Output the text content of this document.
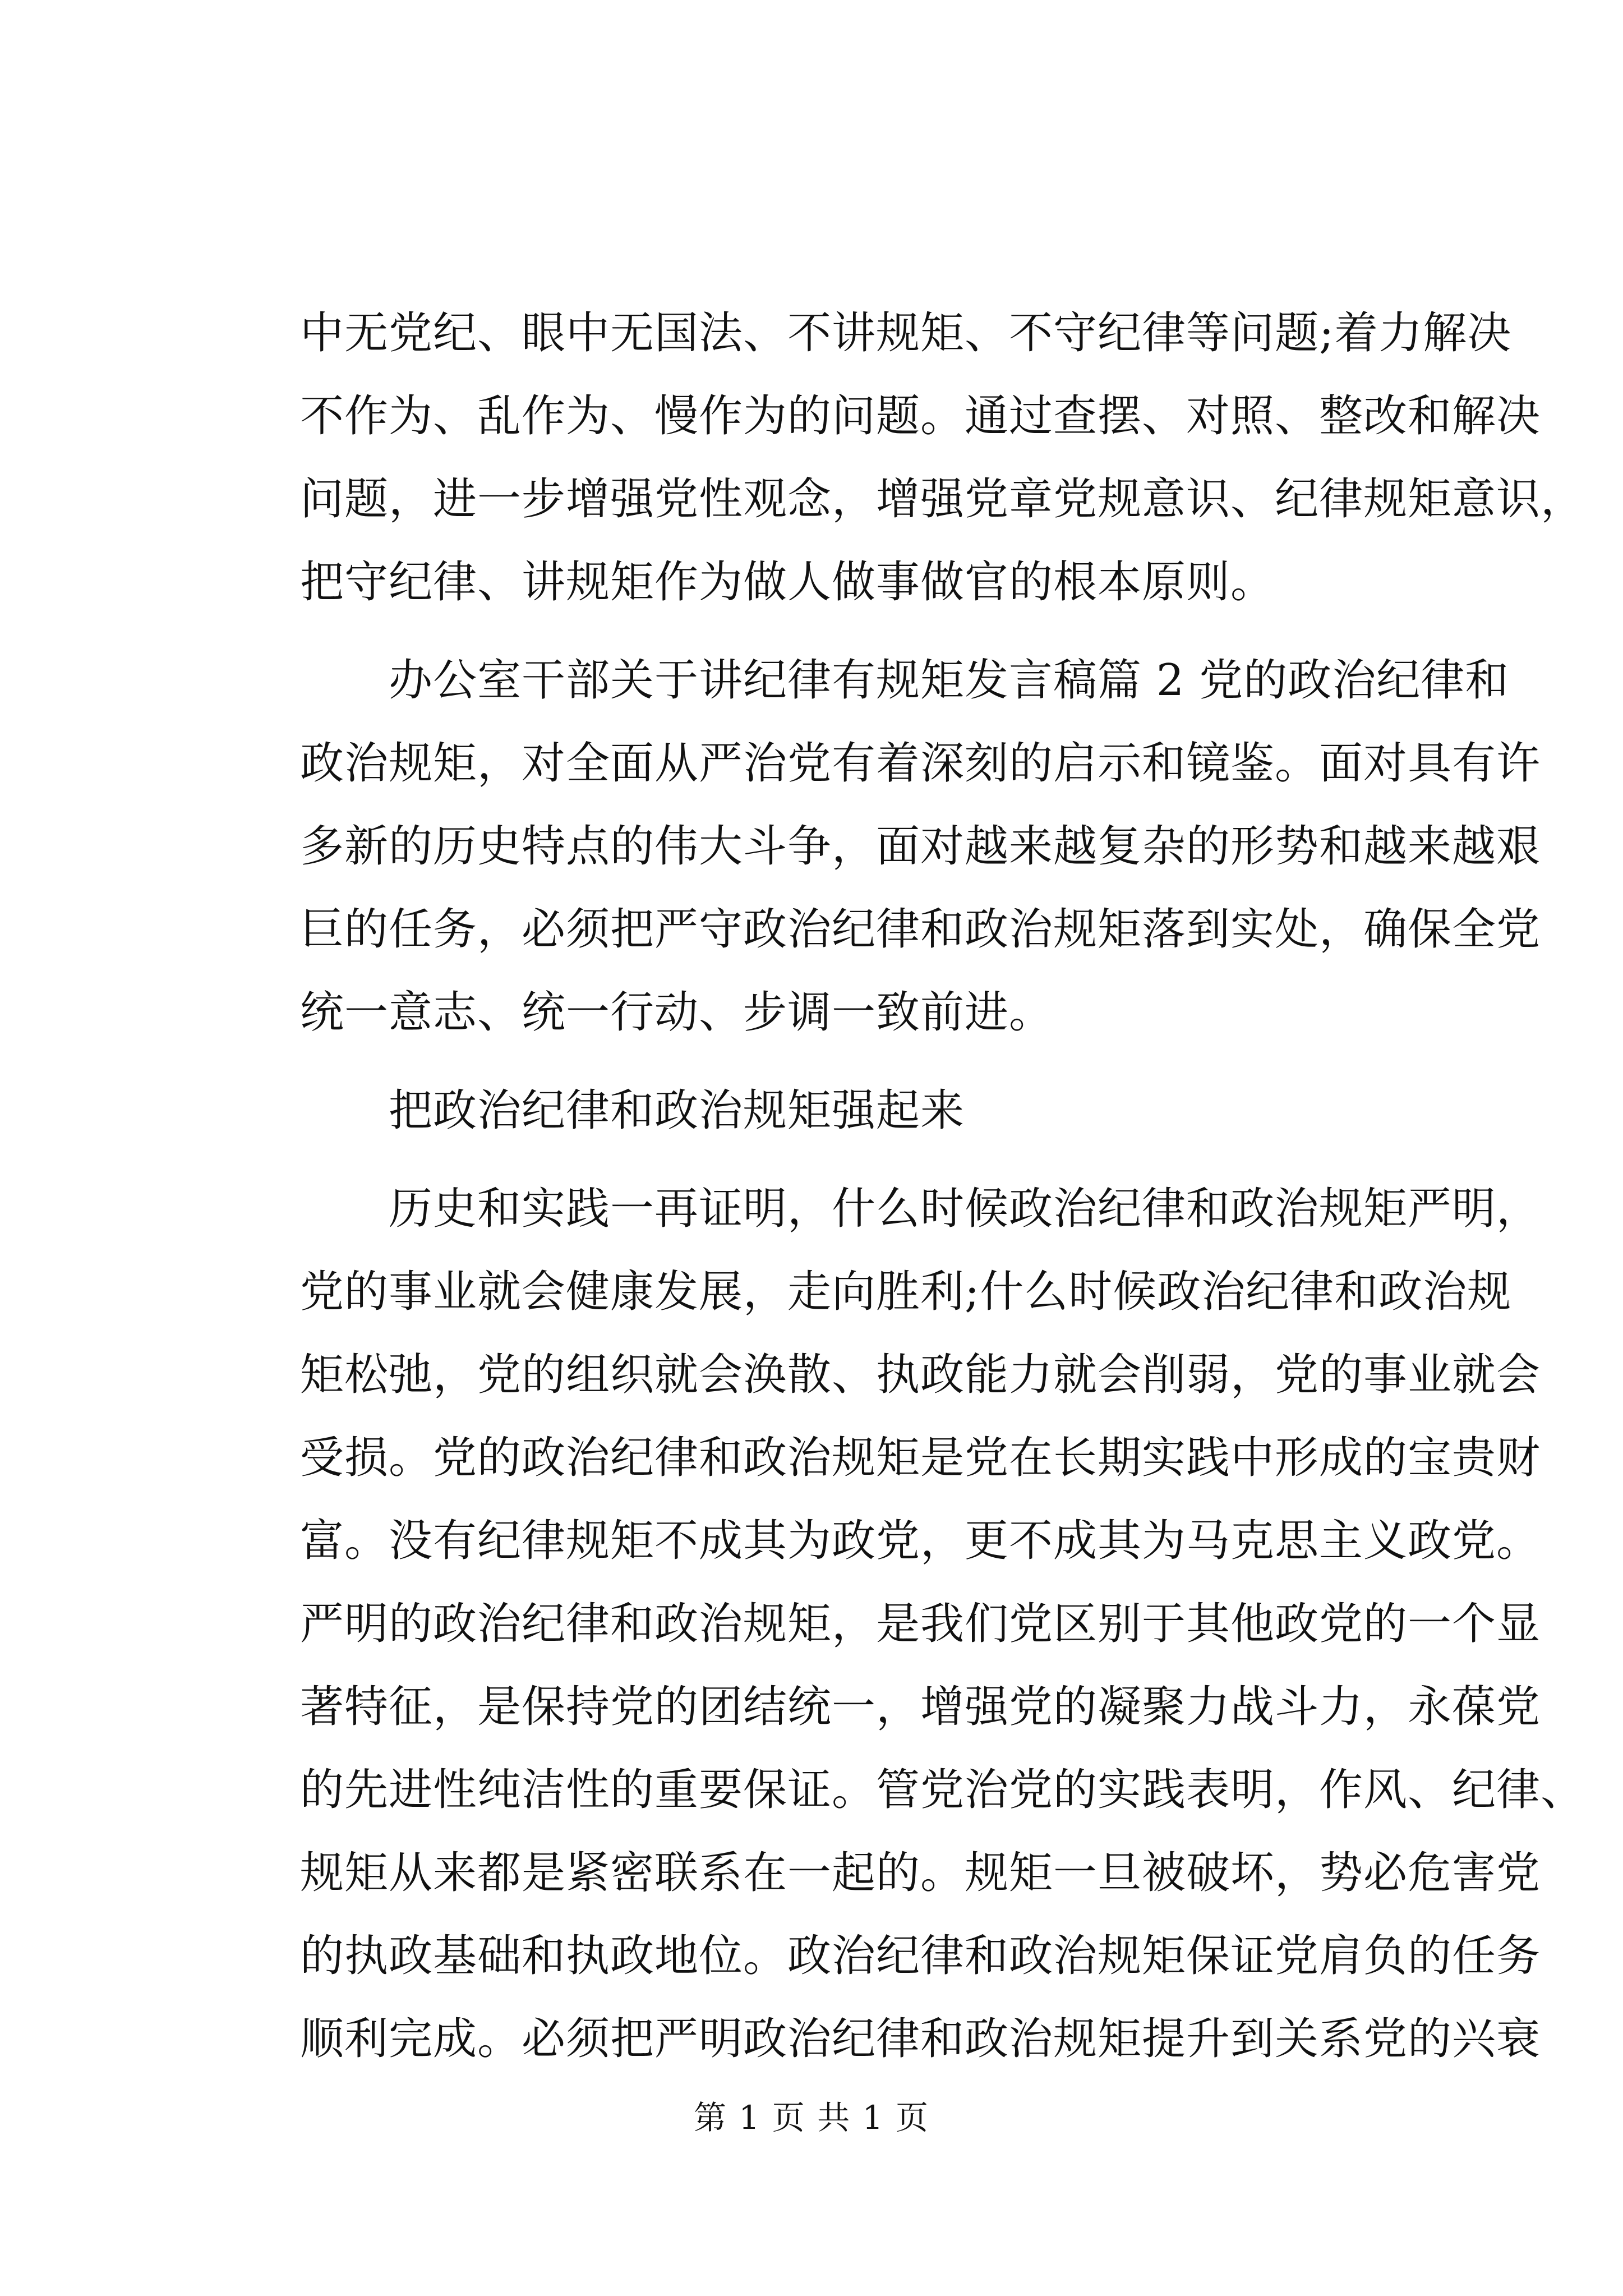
中无党纪、眼中无国法、不讲规矩、不守纪律等问题;着力解决
不作为、乱作为、慢作为的问题。通过查摆、对照、整改和解决
问题，进一步增强党性观念，增强党章党规意识、纪律规矩意识，
把守纪律、讲规矩作为做人做事做官的根本原则。
办公室干部关于讲纪律有规矩发言稿篇 2 党的政治纪律和
政治规矩，对全面从严治党有着深刻的启示和镜鉴。面对具有许
多新的历史特点的伟大斗争，面对越来越复杂的形势和越来越艰
巨的任务，必须把严守政治纪律和政治规矩落到实处，确保全党
统一意志、统一行动、步调一致前进。
把政治纪律和政治规矩强起来
历史和实践一再证明，什么时候政治纪律和政治规矩严明，
党的事业就会健康发展，走向胜利;什么时候政治纪律和政治规
矩松弛，党的组织就会涣散、执政能力就会削弱，党的事业就会
受损。党的政治纪律和政治规矩是党在长期实践中形成的宝贵财
富。没有纪律规矩不成其为政党，更不成其为马克思主义政党。
严明的政治纪律和政治规矩，是我们党区别于其他政党的一个显
著特征，是保持党的团结统一，增强党的凝聚力战斗力，永葆党
的先进性纯洁性的重要保证。管党治党的实践表明，作风、纪律、
规矩从来都是紧密联系在一起的。规矩一旦被破坏，势必危害党
的执政基础和执政地位。政治纪律和政治规矩保证党肩负的任务
顺利完成。必须把严明政治纪律和政治规矩提升到关系党的兴衰
第 1 页 共 1 页
